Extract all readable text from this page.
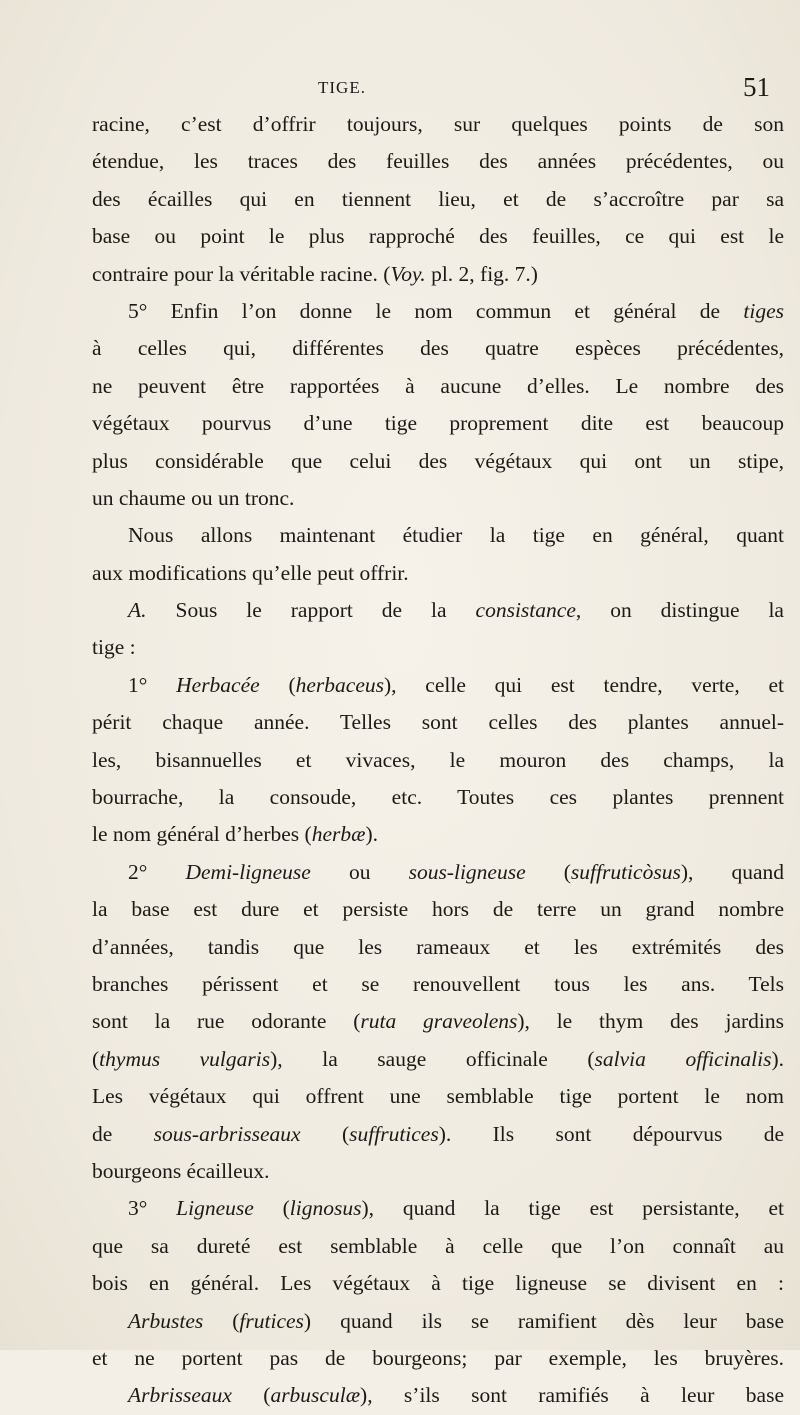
TIGE.	51
racine, c’est d’offrir toujours, sur quelques points de son
étendue, les traces des feuilles des années précédentes, ou
des écailles qui en tiennent lieu, et de s’accroître par sa
base ou point le plus rapproché des feuilles, ce qui est le
contraire pour la véritable racine. (Voy. pl. 2, fig. 7.)
5° Enfin l’on donne le nom commun et général de tiges
à celles qui, différentes des quatre espèces précédentes,
ne peuvent être rapportées à aucune d’elles. Le nombre des
végétaux pourvus d’une tige proprement dite est beaucoup
plus considérable que celui des végétaux qui ont un stipe,
un chaume ou un tronc.
Nous allons maintenant étudier la tige en général, quant
aux modifications qu’elle peut offrir.
A. Sous le rapport de la consistance, on distingue la
tige :
1° Herbacée (herbaceus), celle qui est tendre, verte, et
périt chaque année. Telles sont celles des plantes annuel-
les, bisannuelles et vivaces, le mouron des champs, la
bourrache, la consoude, etc. Toutes ces plantes prennent
le nom général d’herbes (herbæ).
2° Demi-ligneuse ou sous-ligneuse (suffruticòsus), quand
la base est dure et persiste hors de terre un grand nombre
d’années, tandis que les rameaux et les extrémités des
branches périssent et se renouvellent tous les ans. Tels
sont la rue odorante (ruta graveolens), le thym des jardins
(thymus vulgaris), la sauge officinale (salvia officinalis).
Les végétaux qui offrent une semblable tige portent le nom
de sous-arbrisseaux (suffrutices). Ils sont dépourvus de
bourgeons écailleux.
3° Ligneuse (lignosus), quand la tige est persistante, et
que sa dureté est semblable à celle que l’on connaît au
bois en général. Les végétaux à tige ligneuse se divisent en :
Arbustes (frutices) quand ils se ramifient dès leur base
et ne portent pas de bourgeons; par exemple, les bruyères.
Arbrisseaux (arbusculæ), s’ils sont ramifiés à leur base
